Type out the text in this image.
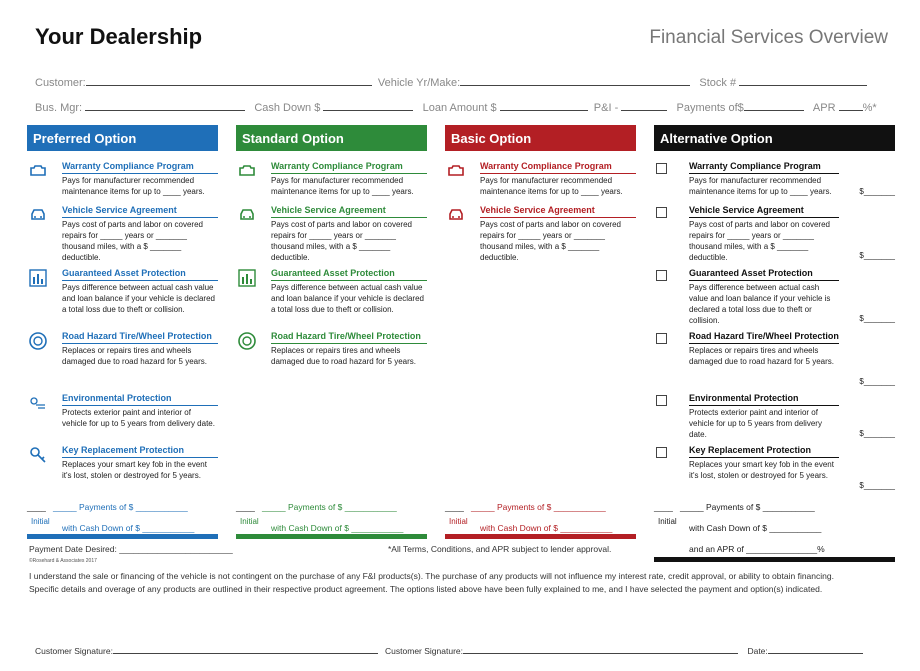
Your Dealership	Financial Services Overview
Customer:	Vehicle Yr/Make:	Stock #
Bus. Mgr:	Cash Down $	Loan Amount $	P&I -	Payments of$	APR %*
Preferred Option
Warranty Compliance Program
Pays for manufacturer recommended maintenance items for up to ____ years.
Vehicle Service Agreement
Pays cost of parts and labor on covered repairs for _____ years or _______ thousand miles, with a $ _______ deductible.
Guaranteed Asset Protection
Pays difference between actual cash value and loan balance if your vehicle is declared a total loss due to theft or collision.
Road Hazard Tire/Wheel Protection
Replaces or repairs tires and wheels damaged due to road hazard for 5 years.
Environmental Protection
Protects exterior paint and interior of vehicle for up to 5 years from delivery date.
Key Replacement Protection
Replaces your smart key fob in the event it's lost, stolen or destroyed for 5 years.
____ _____ Payments of $ ___________
Initial
with Cash Down of $ ___________
Standard Option
Warranty Compliance Program
Pays for manufacturer recommended maintenance items for up to ____ years.
Vehicle Service Agreement
Pays cost of parts and labor on covered repairs for _____ years or _______ thousand miles, with a $ _______ deductible.
Guaranteed Asset Protection
Pays difference between actual cash value and loan balance if your vehicle is declared a total loss due to theft or collision.
Road Hazard Tire/Wheel Protection
Replaces or repairs tires and wheels damaged due to road hazard for 5 years.
____ _____ Payments of $ ___________
Initial
with Cash Down of $ ___________
Basic Option
Warranty Compliance Program
Pays for manufacturer recommended maintenance items for up to ____ years.
Vehicle Service Agreement
Pays cost of parts and labor on covered repairs for _____ years or _______ thousand miles, with a $ _______ deductible.
____ _____ Payments of $ ___________
Initial
with Cash Down of $ ___________
Alternative Option
Warranty Compliance Program
Pays for manufacturer recommended maintenance items for up to ____ years.	$_______
Vehicle Service Agreement
Pays cost of parts and labor on covered repairs for _____ years or _______ thousand miles, with a $ _______ deductible.	$_______
Guaranteed Asset Protection
Pays difference between actual cash value and loan balance if your vehicle is declared a total loss due to theft or collision.	$_______
Road Hazard Tire/Wheel Protection
Replaces or repairs tires and wheels damaged due to road hazard for 5 years.
$_______
Environmental Protection
Protects exterior paint and interior of vehicle for up to 5 years from delivery date.	$_______
Key Replacement Protection
Replaces your smart key fob in the event it's lost, stolen or destroyed for 5 years.
$_______
____ _____ Payments of $ ___________
Initial
with Cash Down of $ ___________
and an APR of _______________%
Payment Date Desired: ________________________	*All Terms, Conditions, and APR subject to lender approval.
©Rosehard & Associates 2017
I understand the sale or financing of the vehicle is not contingent on the purchase of any F&I products(s). The purchase of any products will not influence my interest rate, credit approval, or ability to obtain financing.
Specific details and overage of any products are outlined in their respective product agreement. The options listed above have been fully explained to me, and I have selected the payment and option(s) indicated.
Customer Signature:	Customer Signature:	Date:
